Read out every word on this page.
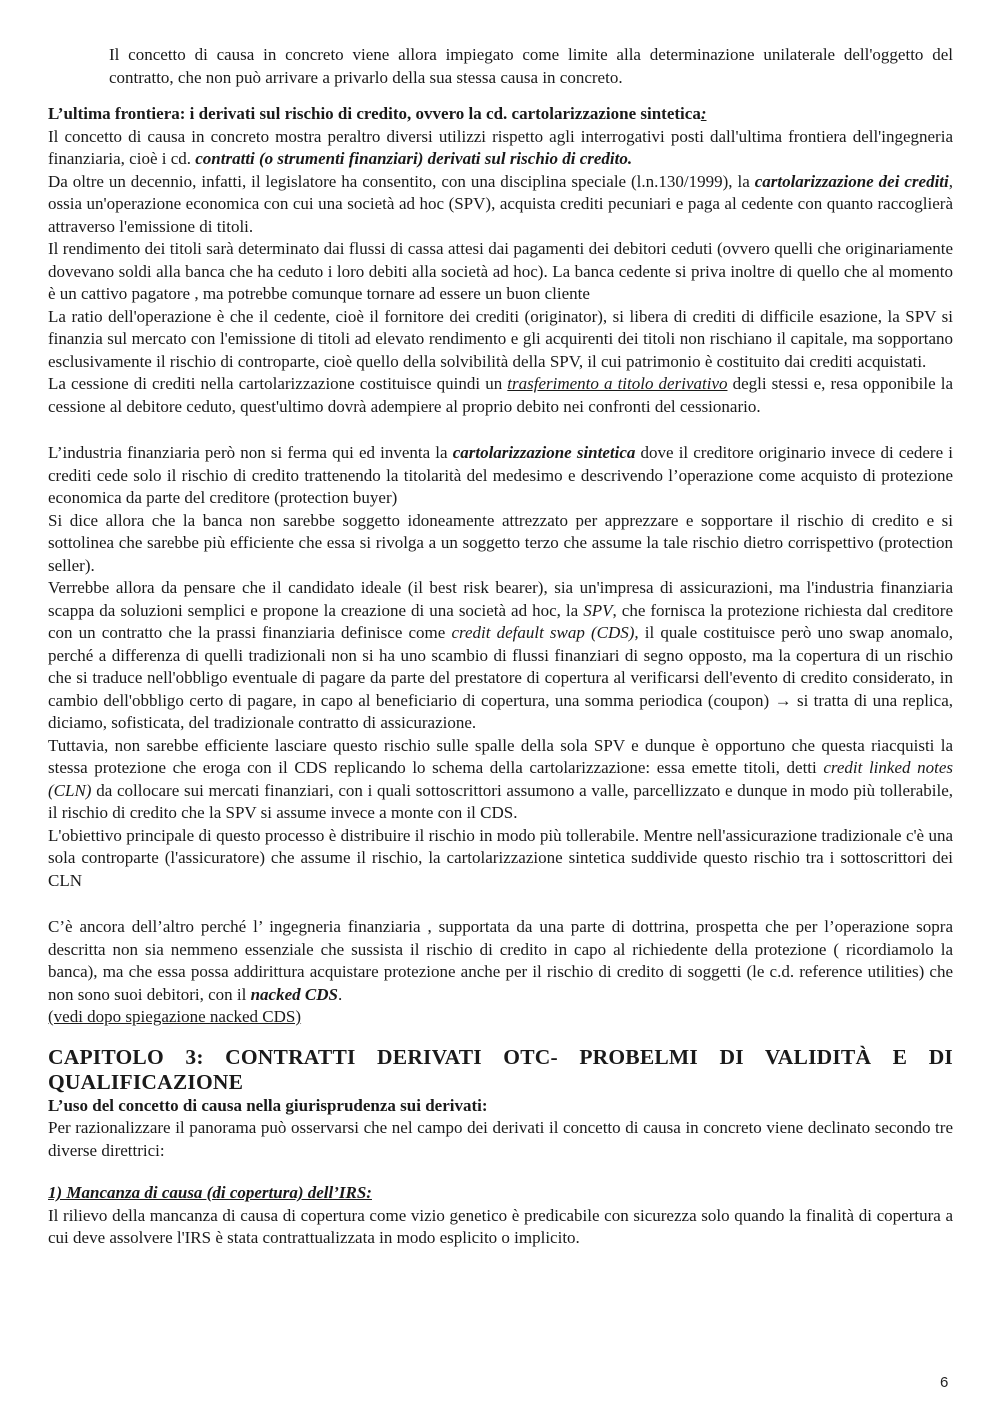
Il concetto di causa in concreto viene allora impiegato come limite alla determinazione unilaterale dell'oggetto del contratto, che non può arrivare a privarlo della sua stessa causa in concreto.

L’ultima frontiera: i derivati sul rischio di credito, ovvero la cd. cartolarizzazione sintetica:

Il concetto di causa in concreto mostra peraltro diversi utilizzi rispetto agli interrogativi posti dall'ultima frontiera dell'ingegneria finanziaria, cioè i cd. contratti (o strumenti finanziari) derivati sul rischio di credito.

Da oltre un decennio, infatti, il legislatore ha consentito, con una disciplina speciale (l.n.130/1999), la cartolarizzazione dei crediti, ossia un'operazione economica con cui una società ad hoc (SPV), acquista crediti pecuniari e paga al cedente con quanto raccoglierà attraverso l'emissione di titoli.

Il rendimento dei titoli sarà determinato dai flussi di cassa attesi dai pagamenti dei debitori ceduti (ovvero quelli che originariamente dovevano soldi alla banca che ha ceduto i loro debiti alla società ad hoc). La banca cedente si priva inoltre di quello che al momento è un cattivo pagatore , ma potrebbe comunque tornare ad essere un buon cliente

La ratio dell'operazione è che il cedente, cioè il fornitore dei crediti (originator), si libera di crediti di difficile esazione, la SPV si finanzia sul mercato con l'emissione di titoli ad elevato rendimento e gli acquirenti dei titoli non rischiano il capitale, ma sopportano esclusivamente il rischio di controparte, cioè quello della solvibilità della SPV, il cui patrimonio è costituito dai crediti acquistati.

La cessione di crediti nella cartolarizzazione costituisce quindi un trasferimento a titolo derivativo degli stessi e, resa opponibile la cessione al debitore ceduto, quest'ultimo dovrà adempiere al proprio debito nei confronti del cessionario.

L’industria finanziaria però non si ferma qui ed inventa la cartolarizzazione sintetica dove il creditore originario invece di cedere i crediti cede solo il rischio di credito trattenendo la titolarità del medesimo e descrivendo l’operazione come acquisto di protezione economica da parte del creditore (protection buyer)

Si dice allora che la banca non sarebbe soggetto idoneamente attrezzato per apprezzare e sopportare il rischio di credito e si sottolinea che sarebbe più efficiente che essa si rivolga a un soggetto terzo che assume la tale rischio dietro corrispettivo (protection seller).

Verrebbe allora da pensare che il candidato ideale (il best risk bearer), sia un'impresa di assicurazioni, ma l'industria finanziaria scappa da soluzioni semplici e propone la creazione di una società ad hoc, la SPV, che fornisca la protezione richiesta dal creditore con un contratto che la prassi finanziaria definisce come credit default swap (CDS), il quale costituisce però uno swap anomalo, perché a differenza di quelli tradizionali non si ha uno scambio di flussi finanziari di segno opposto, ma la copertura di un rischio che si traduce nell'obbligo eventuale di pagare da parte del prestatore di copertura al verificarsi dell'evento di credito considerato, in cambio dell'obbligo certo di pagare, in capo al beneficiario di copertura, una somma periodica (coupon) → si tratta di una replica, diciamo, sofisticata, del tradizionale contratto di assicurazione.

Tuttavia, non sarebbe efficiente lasciare questo rischio sulle spalle della sola SPV e dunque è opportuno che questa riacquisti la stessa protezione che eroga con il CDS replicando lo schema della cartolarizzazione: essa emette titoli, detti credit linked notes (CLN) da collocare sui mercati finanziari, con i quali sottoscrittori assumono a valle, parcellizzato e dunque in modo più tollerabile, il rischio di credito che la SPV si assume invece a monte con il CDS.

L'obiettivo principale di questo processo è distribuire il rischio in modo più tollerabile. Mentre nell'assicurazione tradizionale c'è una sola controparte (l'assicuratore) che assume il rischio, la cartolarizzazione sintetica suddivide questo rischio tra i sottoscrittori dei CLN

C’è ancora dell’altro perché l’ ingegneria finanziaria , supportata da una parte di dottrina, prospetta che per l’operazione sopra descritta non sia nemmeno essenziale che sussista il rischio di credito in capo al richiedente della protezione ( ricordiamolo la banca), ma che essa possa addirittura acquistare protezione anche per il rischio di credito di soggetti (le c.d. reference utilities) che non sono suoi debitori, con il nacked CDS.

(vedi dopo spiegazione nacked CDS)

CAPITOLO 3: CONTRATTI DERIVATI OTC- PROBELMI DI VALIDITÀ E DI QUALIFICAZIONE

L’uso del concetto di causa nella giurisprudenza sui derivati:

Per razionalizzare il panorama può osservarsi che nel campo dei derivati il concetto di causa in concreto viene declinato secondo tre diverse direttrici:

1) Mancanza di causa (di copertura) dell’IRS:

Il rilievo della mancanza di causa di copertura come vizio genetico è predicabile con sicurezza solo quando la finalità di copertura a cui deve assolvere l'IRS è stata contrattualizzata in modo esplicito o implicito.

6
